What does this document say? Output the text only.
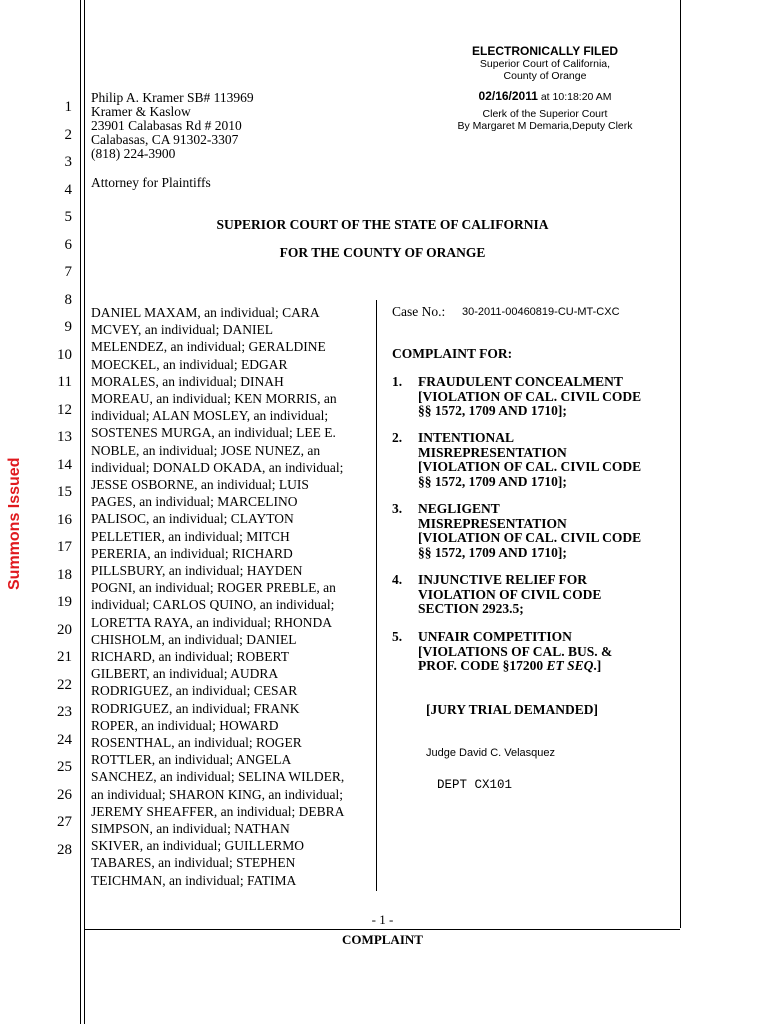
Summons Issued
ELECTRONICALLY FILED
Superior Court of California,
County of Orange
02/16/2011 at 10:18:20 AM
Clerk of the Superior Court
By Margaret M Demaria,Deputy Clerk
1
2
3
4
5
6
7
8
9
10
11
12
13
14
15
16
17
18
19
20
21
22
23
24
25
26
27
28
Philip A. Kramer SB# 113969
Kramer & Kaslow
23901 Calabasas Rd # 2010
Calabasas, CA 91302-3307
(818) 224-3900
Attorney for Plaintiffs
SUPERIOR COURT OF THE STATE OF CALIFORNIA
FOR THE COUNTY OF ORANGE
DANIEL MAXAM, an individual; CARA
MCVEY, an individual; DANIEL
MELENDEZ, an individual; GERALDINE
MOECKEL, an individual; EDGAR
MORALES, an individual; DINAH
MOREAU, an individual; KEN MORRIS, an
individual; ALAN MOSLEY, an individual;
SOSTENES MURGA, an individual; LEE E.
NOBLE, an individual; JOSE NUNEZ, an
individual; DONALD OKADA, an individual;
JESSE OSBORNE, an individual; LUIS
PAGES, an individual; MARCELINO
PALISOC, an individual; CLAYTON
PELLETIER, an individual; MITCH
PERERIA, an individual; RICHARD
PILLSBURY, an individual; HAYDEN
POGNI, an individual; ROGER PREBLE, an
individual; CARLOS QUINO, an individual;
LORETTA RAYA, an individual; RHONDA
CHISHOLM, an individual; DANIEL
RICHARD, an individual; ROBERT
GILBERT, an individual; AUDRA
RODRIGUEZ, an individual; CESAR
RODRIGUEZ, an individual; FRANK
ROPER, an individual; HOWARD
ROSENTHAL, an individual; ROGER
ROTTLER, an individual; ANGELA
SANCHEZ, an individual; SELINA WILDER,
an individual; SHARON KING, an individual;
JEREMY SHEAFFER, an individual; DEBRA
SIMPSON, an individual; NATHAN
SKIVER, an individual; GUILLERMO
TABARES, an individual; STEPHEN
TEICHMAN, an individual; FATIMA
Case No.: 30-2011-00460819-CU-MT-CXC
COMPLAINT FOR:
1. FRAUDULENT CONCEALMENT
[VIOLATION OF CAL. CIVIL CODE
§§ 1572, 1709 AND 1710];
2. INTENTIONAL
MISREPRESENTATION
[VIOLATION OF CAL. CIVIL CODE
§§ 1572, 1709 AND 1710];
3. NEGLIGENT
MISREPRESENTATION
[VIOLATION OF CAL. CIVIL CODE
§§ 1572, 1709 AND 1710];
4. INJUNCTIVE RELIEF FOR
VIOLATION OF CIVIL CODE
SECTION 2923.5;
5. UNFAIR COMPETITION
[VIOLATIONS OF CAL. BUS. &
PROF. CODE §17200 ET SEQ.]
[JURY TRIAL DEMANDED]
Judge David C. Velasquez
DEPT CX101
- 1 -
COMPLAINT
